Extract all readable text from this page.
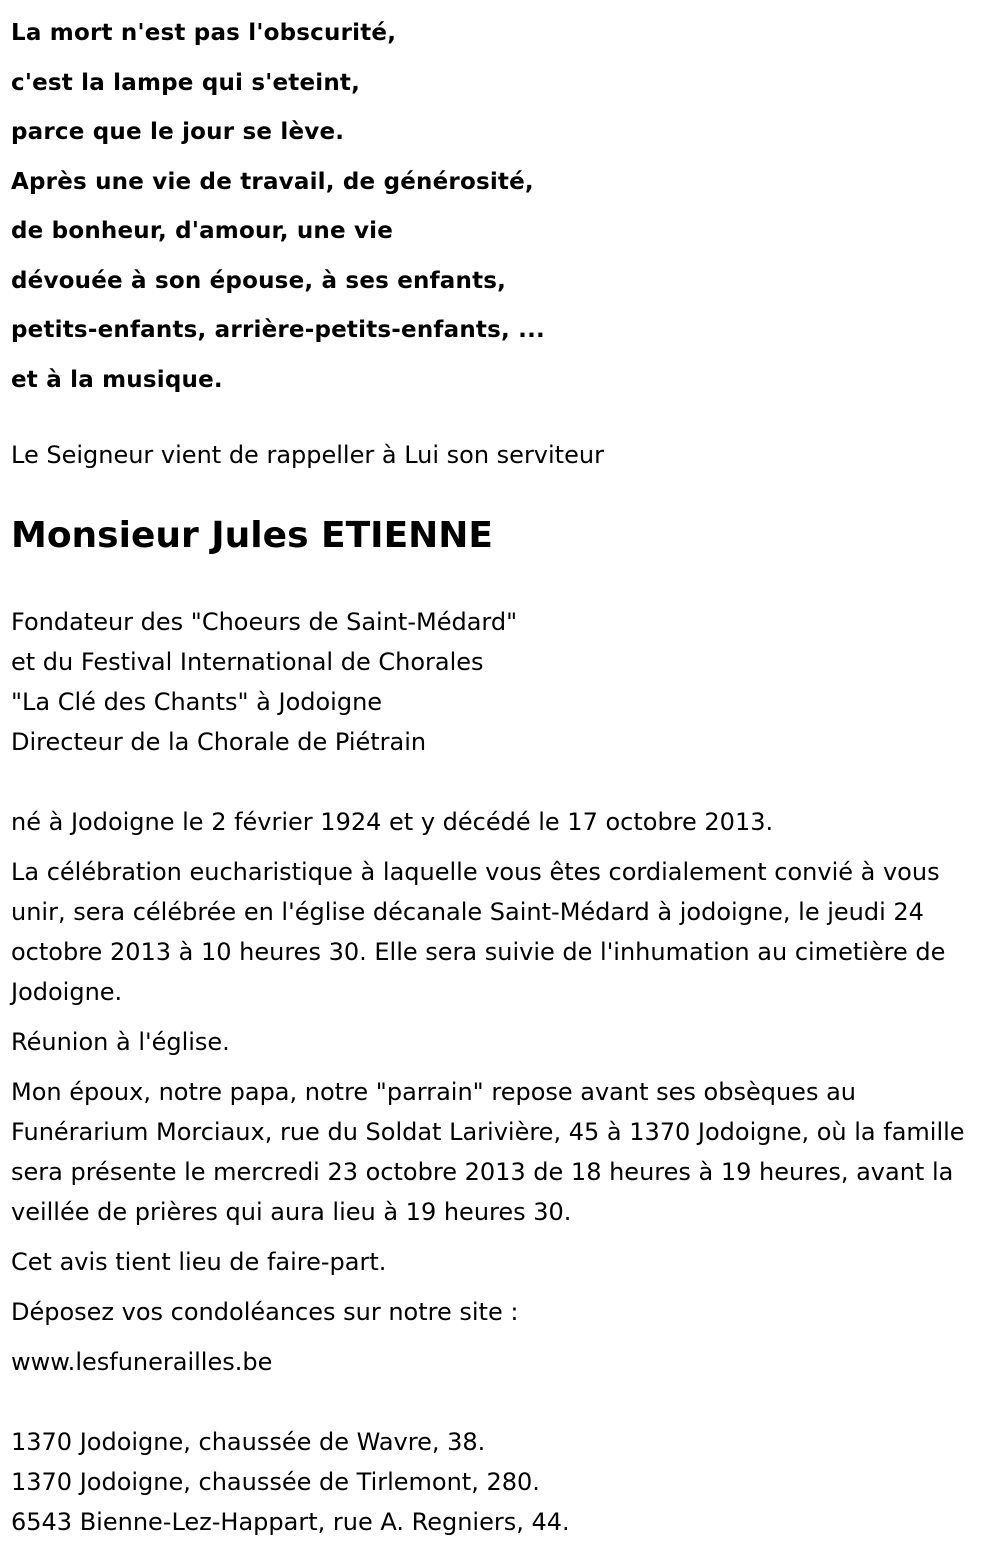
La mort n'est pas l'obscurité,
c'est la lampe qui s'eteint,
parce que le jour se lève.
Après une vie de travail, de générosité,
de bonheur, d'amour, une vie
dévouée à son épouse, à ses enfants,
petits-enfants, arrière-petits-enfants, ...
et à la musique.
Le Seigneur vient de rappeller à Lui son serviteur
Monsieur Jules ETIENNE
Fondateur des "Choeurs de Saint-Médard"
et du Festival International de Chorales
"La Clé des Chants" à Jodoigne
Directeur de la Chorale de Piétrain
né à Jodoigne le 2 février 1924 et y décédé le 17 octobre 2013.
La célébration eucharistique à laquelle vous êtes cordialement convié à vous unir, sera célébrée en l'église décanale Saint-Médard à jodoigne, le jeudi 24 octobre 2013 à 10 heures 30. Elle sera suivie de l'inhumation au cimetière de Jodoigne.
Réunion à l'église.
Mon époux, notre papa, notre "parrain" repose avant ses obsèques au Funérarium Morciaux, rue du Soldat Larivière, 45 à 1370 Jodoigne, où la famille sera présente le mercredi 23 octobre 2013 de 18 heures à 19 heures, avant la veillée de prières qui aura lieu à 19 heures 30.
Cet avis tient lieu de faire-part.
Déposez vos condoléances sur notre site :
www.lesfunerailles.be
1370 Jodoigne, chaussée de Wavre, 38.
1370 Jodoigne, chaussée de Tirlemont, 280.
6543 Bienne-Lez-Happart, rue A. Regniers, 44.
